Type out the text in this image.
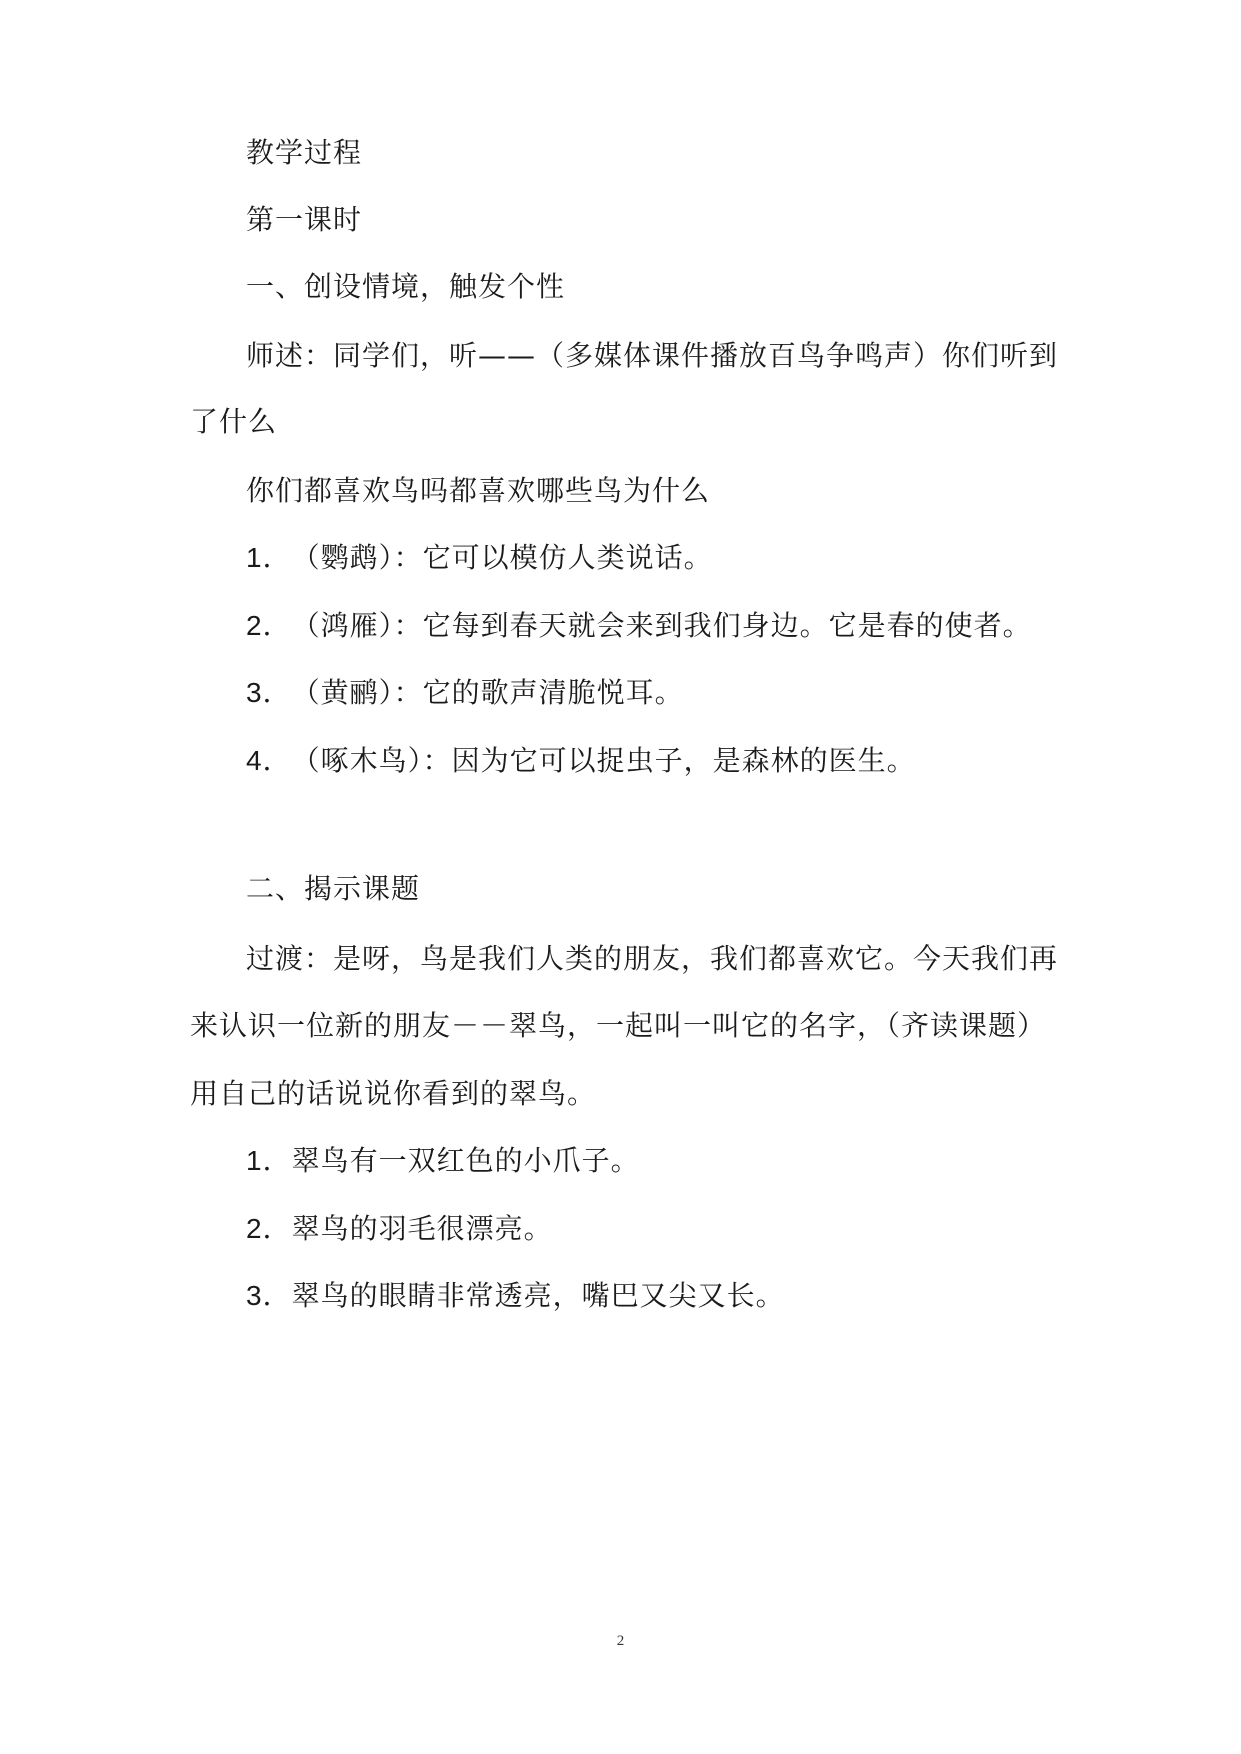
教学过程
第一课时
一、创设情境，触发个性
师述：同学们，听——（多媒体课件播放百鸟争鸣声）你们听到
了什么
你们都喜欢鸟吗都喜欢哪些鸟为什么
1．（鹦鹉）：它可以模仿人类说话。
2．（鸿雁）：它每到春天就会来到我们身边。它是春的使者。
3．（黄鹂）：它的歌声清脆悦耳。
4．（啄木鸟）：因为它可以捉虫子，是森林的医生。
二、揭示课题
过渡：是呀，鸟是我们人类的朋友，我们都喜欢它。今天我们再
来认识一位新的朋友－－翠鸟，一起叫一叫它的名字，（齐读课题）
用自己的话说说你看到的翠鸟。
1．翠鸟有一双红色的小爪子。
2．翠鸟的羽毛很漂亮。
3．翠鸟的眼睛非常透亮，嘴巴又尖又长。
2
